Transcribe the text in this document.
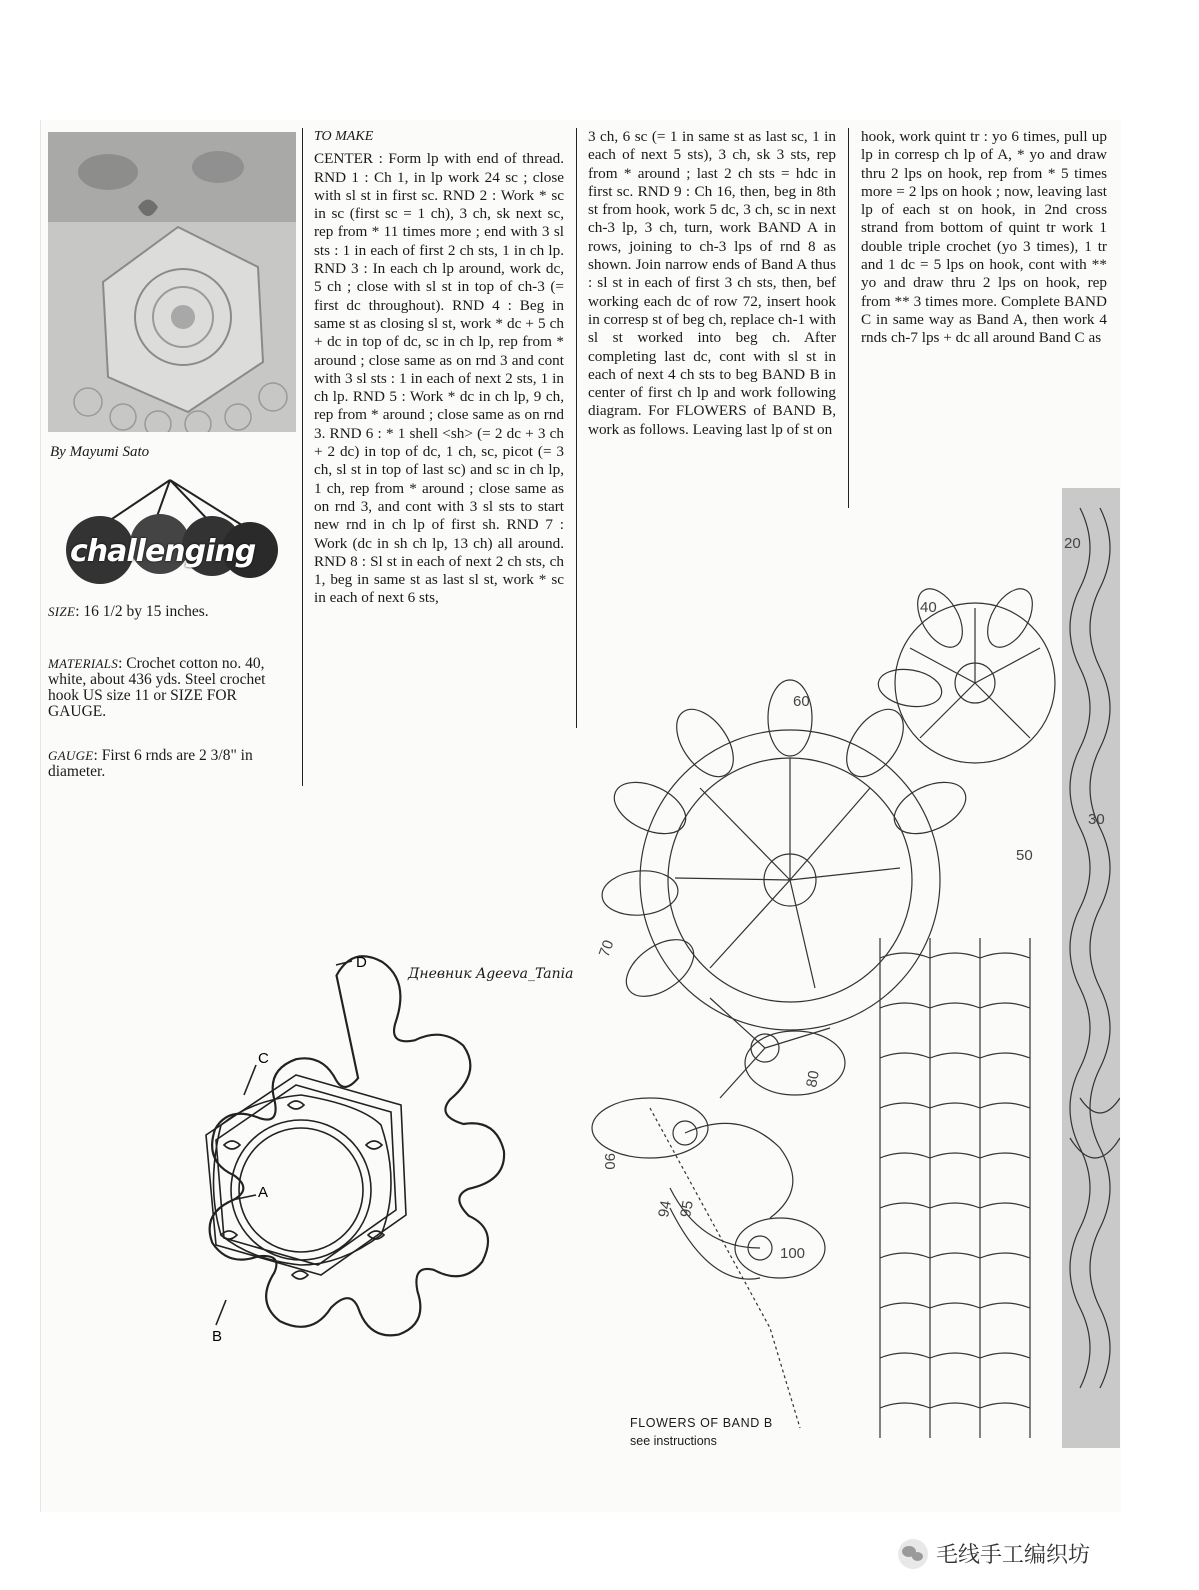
By Mayumi Sato
challenging
SIZE: 16 1/2 by 15 inches.
MATERIALS: Crochet cotton no. 40, white, about 436 yds. Steel crochet hook US size 11 or SIZE FOR GAUGE.
GAUGE: First 6 rnds are 2 3/8" in diameter.
TO MAKE
CENTER : Form lp with end of thread. RND 1 : Ch 1, in lp work 24 sc ; close with sl st in first sc. RND 2 : Work * sc in sc (first sc = 1 ch), 3 ch, sk next sc, rep from * 11 times more ; end with 3 sl sts : 1 in each of first 2 ch sts, 1 in ch lp. RND 3 : In each ch lp around, work dc, 5 ch ; close with sl st in top of ch-3 (= first dc throughout). RND 4 : Beg in same st as closing sl st, work * dc + 5 ch + dc in top of dc, sc in ch lp, rep from * around ; close same as on rnd 3 and cont with 3 sl sts : 1 in each of next 2 sts, 1 in ch lp. RND 5 : Work * dc in ch lp, 9 ch, rep from * around ; close same as on rnd 3. RND 6 : * 1 shell <sh> (= 2 dc + 3 ch + 2 dc) in top of dc, 1 ch, sc, picot (= 3 ch, sl st in top of last sc) and sc in ch lp, 1 ch, rep from * around ; close same as on rnd 3, and cont with 3 sl sts to start new rnd in ch lp of first sh. RND 7 : Work (dc in sh ch lp, 13 ch) all around. RND 8 : Sl st in each of next 2 ch sts, ch 1, beg in same st as last sl st, work * sc in each of next 6 sts,
3 ch, 6 sc (= 1 in same st as last sc, 1 in each of next 5 sts), 3 ch, sk 3 sts, rep from * around ; last 2 ch sts = hdc in first sc. RND 9 : Ch 16, then, beg in 8th st from hook, work 5 dc, 3 ch, sc in next ch-3 lp, 3 ch, turn, work BAND A in rows, joining to ch-3 lps of rnd 8 as shown. Join narrow ends of Band A thus : sl st in each of first 3 ch sts, then, bef working each dc of row 72, insert hook in corresp st of beg ch, replace ch-1 with sl st worked into beg ch. After completing last dc, cont with sl st in each of next 4 ch sts to beg BAND B in center of first ch lp and work following diagram. For FLOWERS of BAND B, work as follows. Leaving last lp of st on
hook, work quint tr : yo 6 times, pull up lp in corresp ch lp of A, * yo and draw thru 2 lps on hook, rep from * 5 times more = 2 lps on hook ; now, leaving last lp of each st on hook, in 2nd cross strand from bottom of quint tr work 1 double triple crochet (yo 3 times), 1 tr and 1 dc = 5 lps on hook, cont with ** yo and draw thru 2 lps on hook, rep from ** 3 times more. Complete BAND C in same way as Band A, then work 4 rnds ch-7 lps + dc all around Band C as
D
C
A
B
20
40
60
30
50
70
80
90
94 95
100
Дневник Ageeva_Tania
FLOWERS OF BAND B
see instructions
毛线手工编织坊
